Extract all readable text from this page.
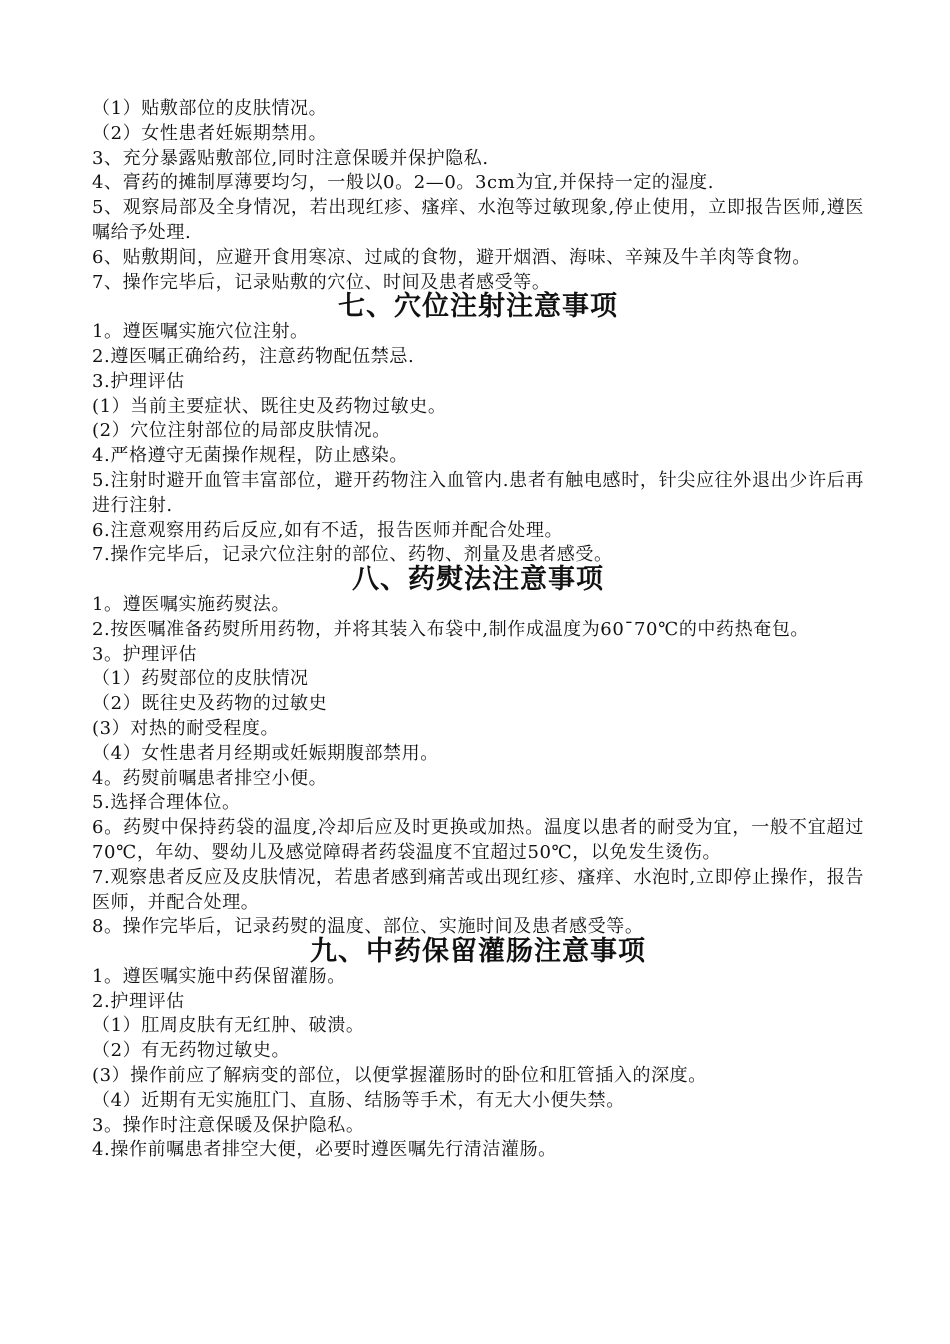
（1）贴敷部位的皮肤情况。

（2）女性患者妊娠期禁用。

3、充分暴露贴敷部位,同时注意保暖并保护隐私.

4、膏药的摊制厚薄要均匀，一般以0。2—0。3cm为宜,并保持一定的湿度.

5、观察局部及全身情况，若出现红疹、瘙痒、水泡等过敏现象,停止使用，立即报告医师,遵医嘱给予处理.

6、贴敷期间，应避开食用寒凉、过咸的食物，避开烟酒、海味、辛辣及牛羊肉等食物。

7、操作完毕后，记录贴敷的穴位、时间及患者感受等。

七、穴位注射注意事项

1。遵医嘱实施穴位注射。

2.遵医嘱正确给药，注意药物配伍禁忌.

3.护理评估

(1）当前主要症状、既往史及药物过敏史。

(2）穴位注射部位的局部皮肤情况。

4.严格遵守无菌操作规程，防止感染。

5.注射时避开血管丰富部位，避开药物注入血管内.患者有触电感时，针尖应往外退出少许后再进行注射.

6.注意观察用药后反应,如有不适，报告医师并配合处理。

7.操作完毕后，记录穴位注射的部位、药物、剂量及患者感受。

八、药熨法注意事项

1。遵医嘱实施药熨法。

2.按医嘱准备药熨所用药物，并将其装入布袋中,制作成温度为60¯70℃的中药热奄包。

3。护理评估

（1）药熨部位的皮肤情况

（2）既往史及药物的过敏史

(3）对热的耐受程度。

（4）女性患者月经期或妊娠期腹部禁用。

4。药熨前嘱患者排空小便。

5.选择合理体位。

6。药熨中保持药袋的温度,冷却后应及时更换或加热。温度以患者的耐受为宜，一般不宜超过70℃，年幼、婴幼儿及感觉障碍者药袋温度不宜超过50℃，以免发生烫伤。

7.观察患者反应及皮肤情况，若患者感到痛苦或出现红疹、瘙痒、水泡时,立即停止操作，报告医师，并配合处理。

8。操作完毕后，记录药熨的温度、部位、实施时间及患者感受等。

九、中药保留灌肠注意事项

1。遵医嘱实施中药保留灌肠。

2.护理评估

（1）肛周皮肤有无红肿、破溃。

（2）有无药物过敏史。

(3）操作前应了解病变的部位，以便掌握灌肠时的卧位和肛管插入的深度。

（4）近期有无实施肛门、直肠、结肠等手术，有无大小便失禁。

3。操作时注意保暖及保护隐私。

4.操作前嘱患者排空大便，必要时遵医嘱先行清洁灌肠。
